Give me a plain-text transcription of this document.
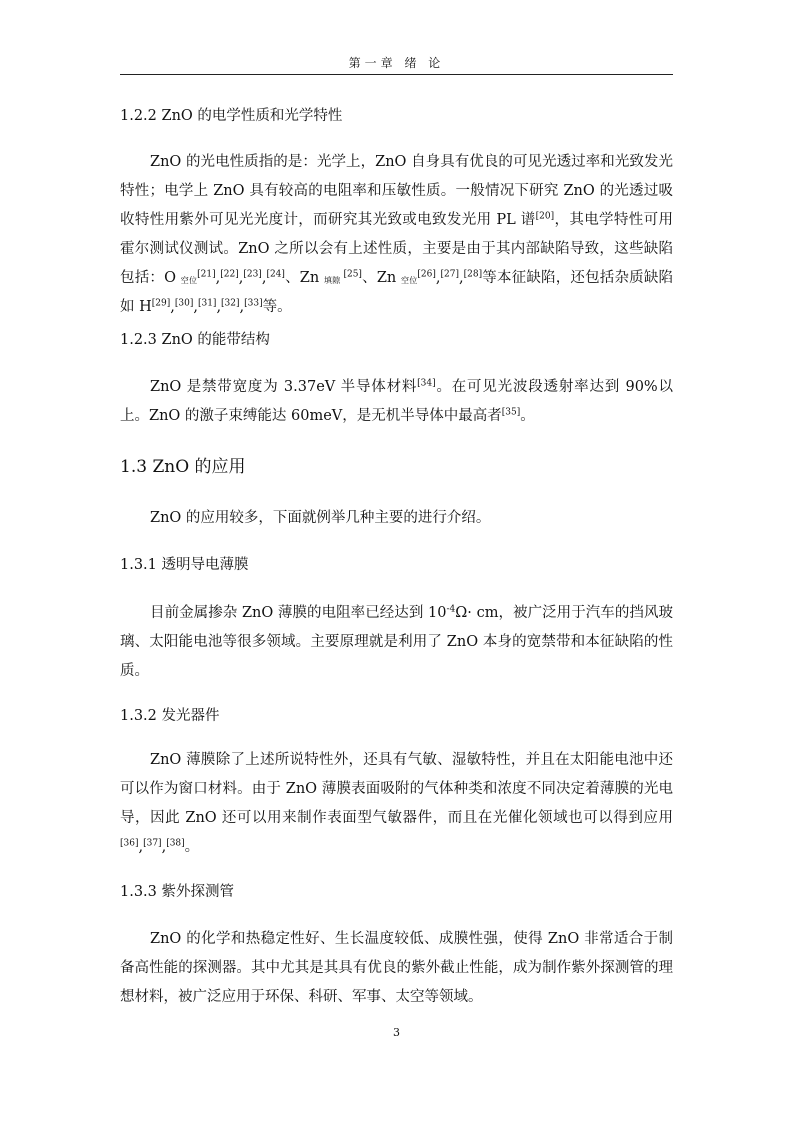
第一章 绪 论
1.2.2 ZnO 的电学性质和光学特性

ZnO 的光电性质指的是：光学上，ZnO 自身具有优良的可见光透过率和光致发光特性；电学上 ZnO 具有较高的电阻率和压敏性质。一般情况下研究 ZnO 的光透过吸收特性用紫外可见光光度计，而研究其光致或电致发光用 PL 谱[20]，其电学特性可用霍尔测试仪测试。ZnO 之所以会有上述性质，主要是由于其内部缺陷导致，这些缺陷包括：O $_{空位}$[21],[22],[23],[24]、Zn $_{填隙}$ [25]、Zn $_{空位}$[26],[27],[28]等本征缺陷，还包括杂质缺陷如 H[29],[30],[31],[32],[33]等。

1.2.3 ZnO 的能带结构

ZnO 是禁带宽度为 3.37eV 半导体材料[34]。在可见光波段透射率达到 90%以上。ZnO 的激子束缚能达 60meV，是无机半导体中最高者[35]。

1.3 ZnO 的应用

ZnO 的应用较多，下面就例举几种主要的进行介绍。

1.3.1 透明导电薄膜

目前金属掺杂 ZnO 薄膜的电阻率已经达到 $10^{-4}\Omega\cdot$ cm，被广泛用于汽车的挡风玻璃、太阳能电池等很多领域。主要原理就是利用了 ZnO 本身的宽禁带和本征缺陷的性质。

1.3.2 发光器件

ZnO 薄膜除了上述所说特性外，还具有气敏、湿敏特性，并且在太阳能电池中还可以作为窗口材料。由于 ZnO 薄膜表面吸附的气体种类和浓度不同决定着薄膜的光电导，因此 ZnO 还可以用来制作表面型气敏器件，而且在光催化领域也可以得到应用 [36],[37],[38]。

1.3.3 紫外探测管

ZnO 的化学和热稳定性好、生长温度较低、成膜性强，使得 ZnO 非常适合于制备高性能的探测器。其中尤其是其具有优良的紫外截止性能，成为制作紫外探测管的理想材料，被广泛应用于环保、科研、军事、太空等领域。

3
